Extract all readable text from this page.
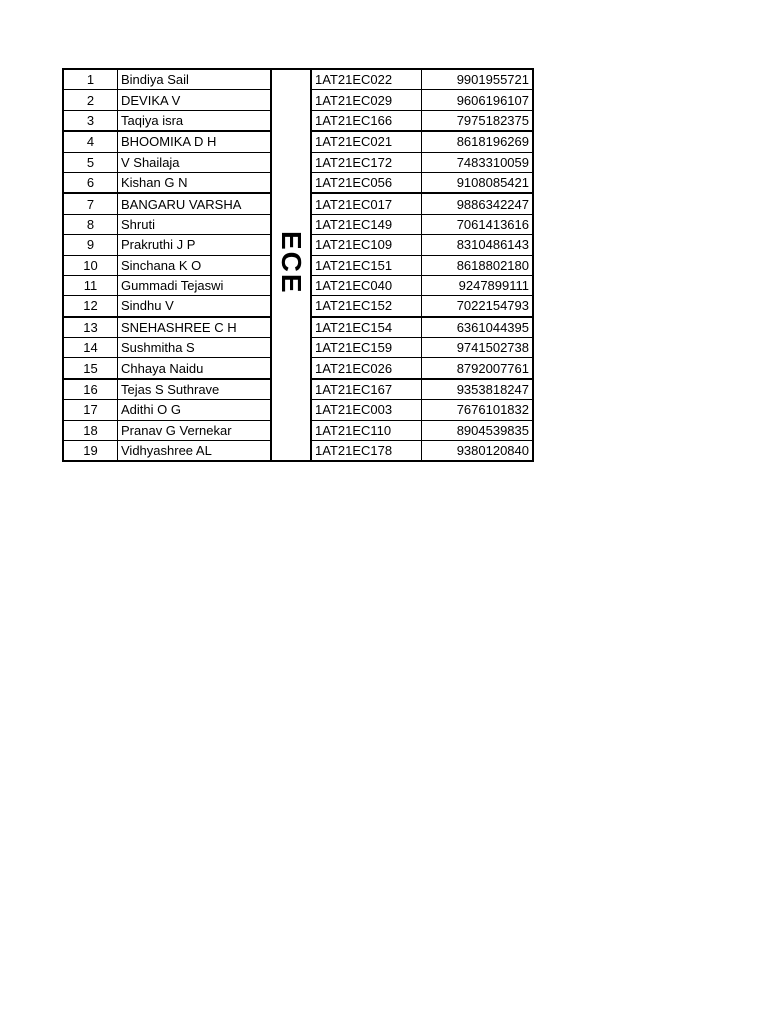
1	Bindiya Sail	ECE	1AT21EC022	9901955721
2	DEVIKA V		1AT21EC029	9606196107
3	Taqiya isra		1AT21EC166	7975182375
4	BHOOMIKA D H		1AT21EC021	8618196269
5	V Shailaja		1AT21EC172	7483310059
6	Kishan G N		1AT21EC056	9108085421
7	BANGARU VARSHA		1AT21EC017	9886342247
8	Shruti		1AT21EC149	7061413616
9	Prakruthi J P		1AT21EC109	8310486143
10	Sinchana K O		1AT21EC151	8618802180
11	Gummadi Tejaswi		1AT21EC040	9247899111
12	Sindhu V		1AT21EC152	7022154793
13	SNEHASHREE C H		1AT21EC154	6361044395
14	Sushmitha S		1AT21EC159	9741502738
15	Chhaya Naidu		1AT21EC026	8792007761
16	Tejas S Suthrave		1AT21EC167	9353818247
17	Adithi O G		1AT21EC003	7676101832
18	Pranav G Vernekar		1AT21EC110	8904539835
19	Vidhyashree AL		1AT21EC178	9380120840
